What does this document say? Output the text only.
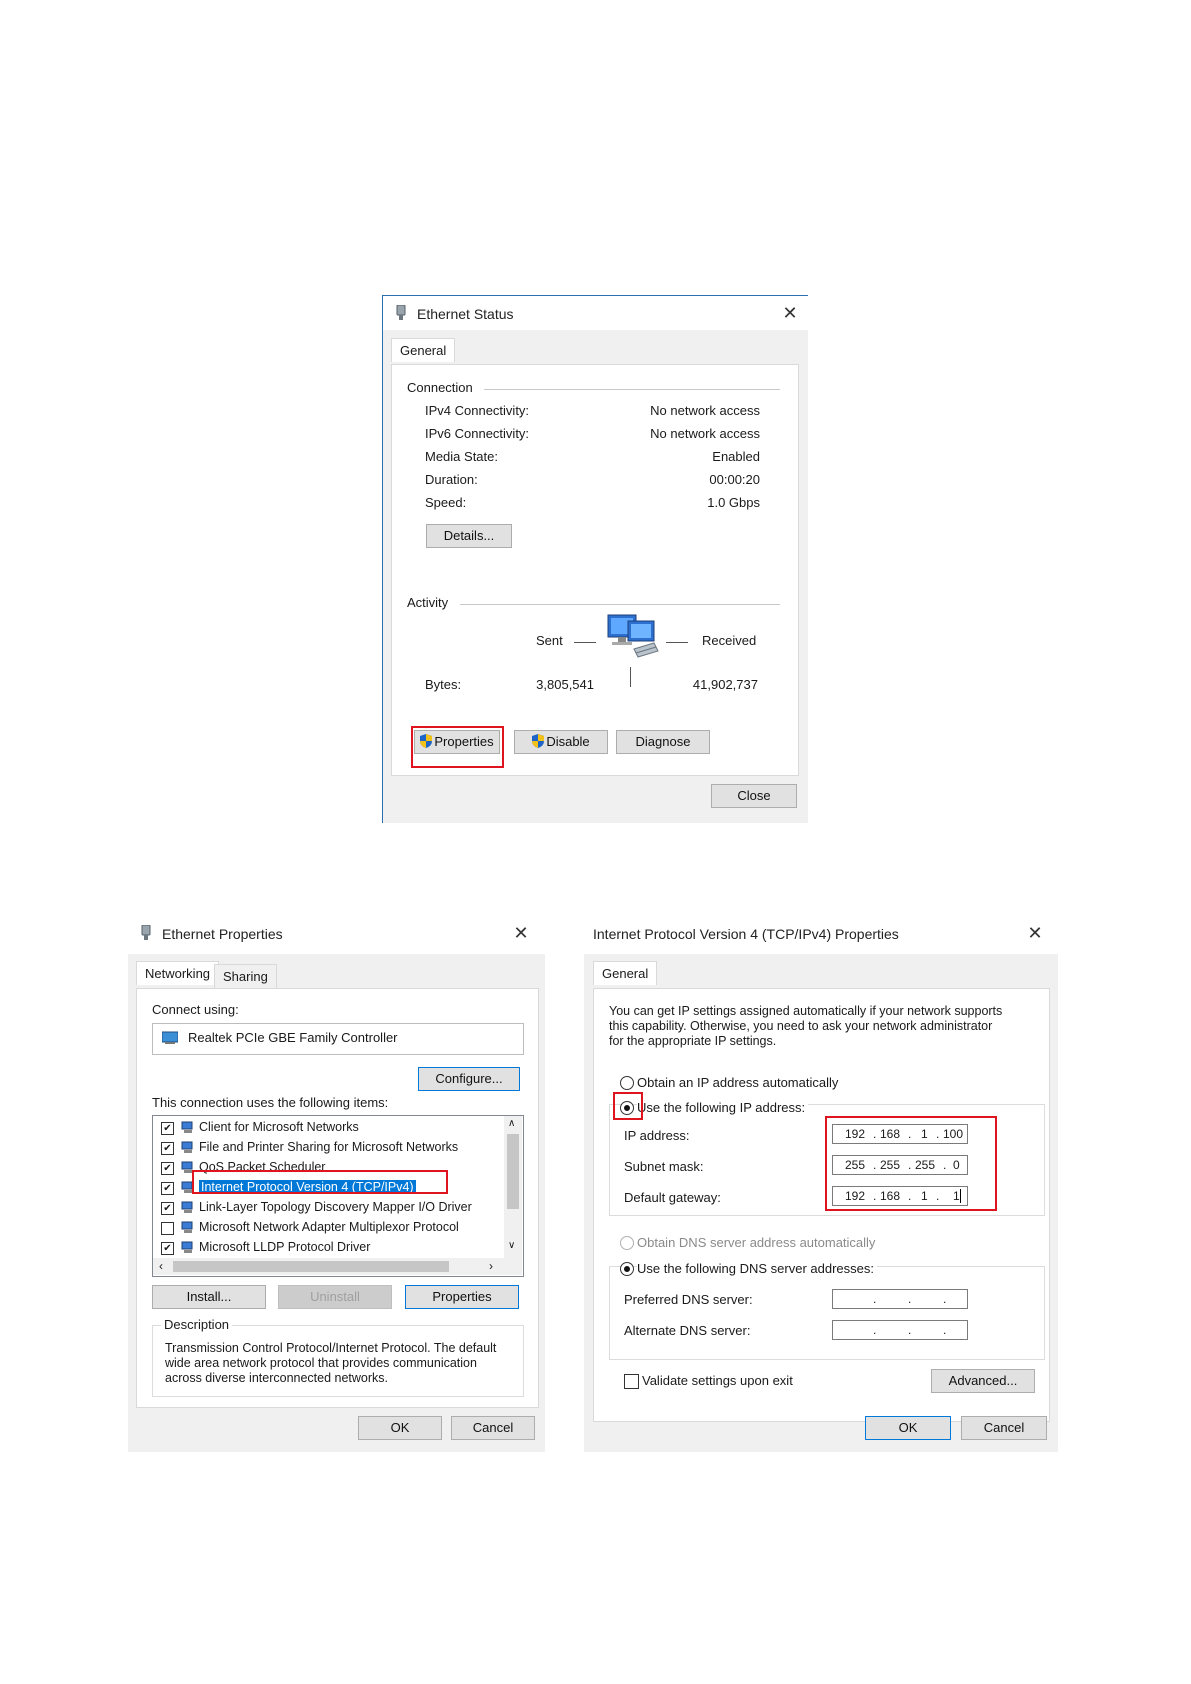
Ethernet Status	✕
General
Connection
IPv4 Connectivity:	No network access
IPv6 Connectivity:	No network access
Media State:	Enabled
Duration:	00:00:20
Speed:	1.0 Gbps
Details...
Activity
Sent	Received
Bytes:	3,805,541	41,902,737
Properties	Disable	Diagnose
Close
Ethernet Properties	✕
Networking Sharing
Connect using:
Realtek PCIe GBE Family Controller
Configure...
This connection uses the following items:
✔ Client for Microsoft Networks
✔ File and Printer Sharing for Microsoft Networks
✔ QoS Packet Scheduler
✔ Internet Protocol Version 4 (TCP/IPv4)
✔ Link-Layer Topology Discovery Mapper I/O Driver
Microsoft Network Adapter Multiplexor Protocol
✔ Microsoft LLDP Protocol Driver
∧
∨
‹	›
Install...	Uninstall	Properties
Description
Transmission Control Protocol/Internet Protocol. The default
wide area network protocol that provides communication
across diverse interconnected networks.
OK	Cancel
Internet Protocol Version 4 (TCP/IPv4) Properties	✕
General
You can get IP settings assigned automatically if your network supports
this capability. Otherwise, you need to ask your network administrator
for the appropriate IP settings.
Obtain an IP address automatically
Use the following IP address:
IP address:	192 . 168 . 1 . 100
Subnet mask:	255 . 255 . 255 . 0
Default gateway:	192 . 168 . 1 . 1
Obtain DNS server address automatically
Use the following DNS server addresses:
Preferred DNS server:	.	.	.
Alternate DNS server:	.	.	.
Validate settings upon exit	Advanced...
OK	Cancel
